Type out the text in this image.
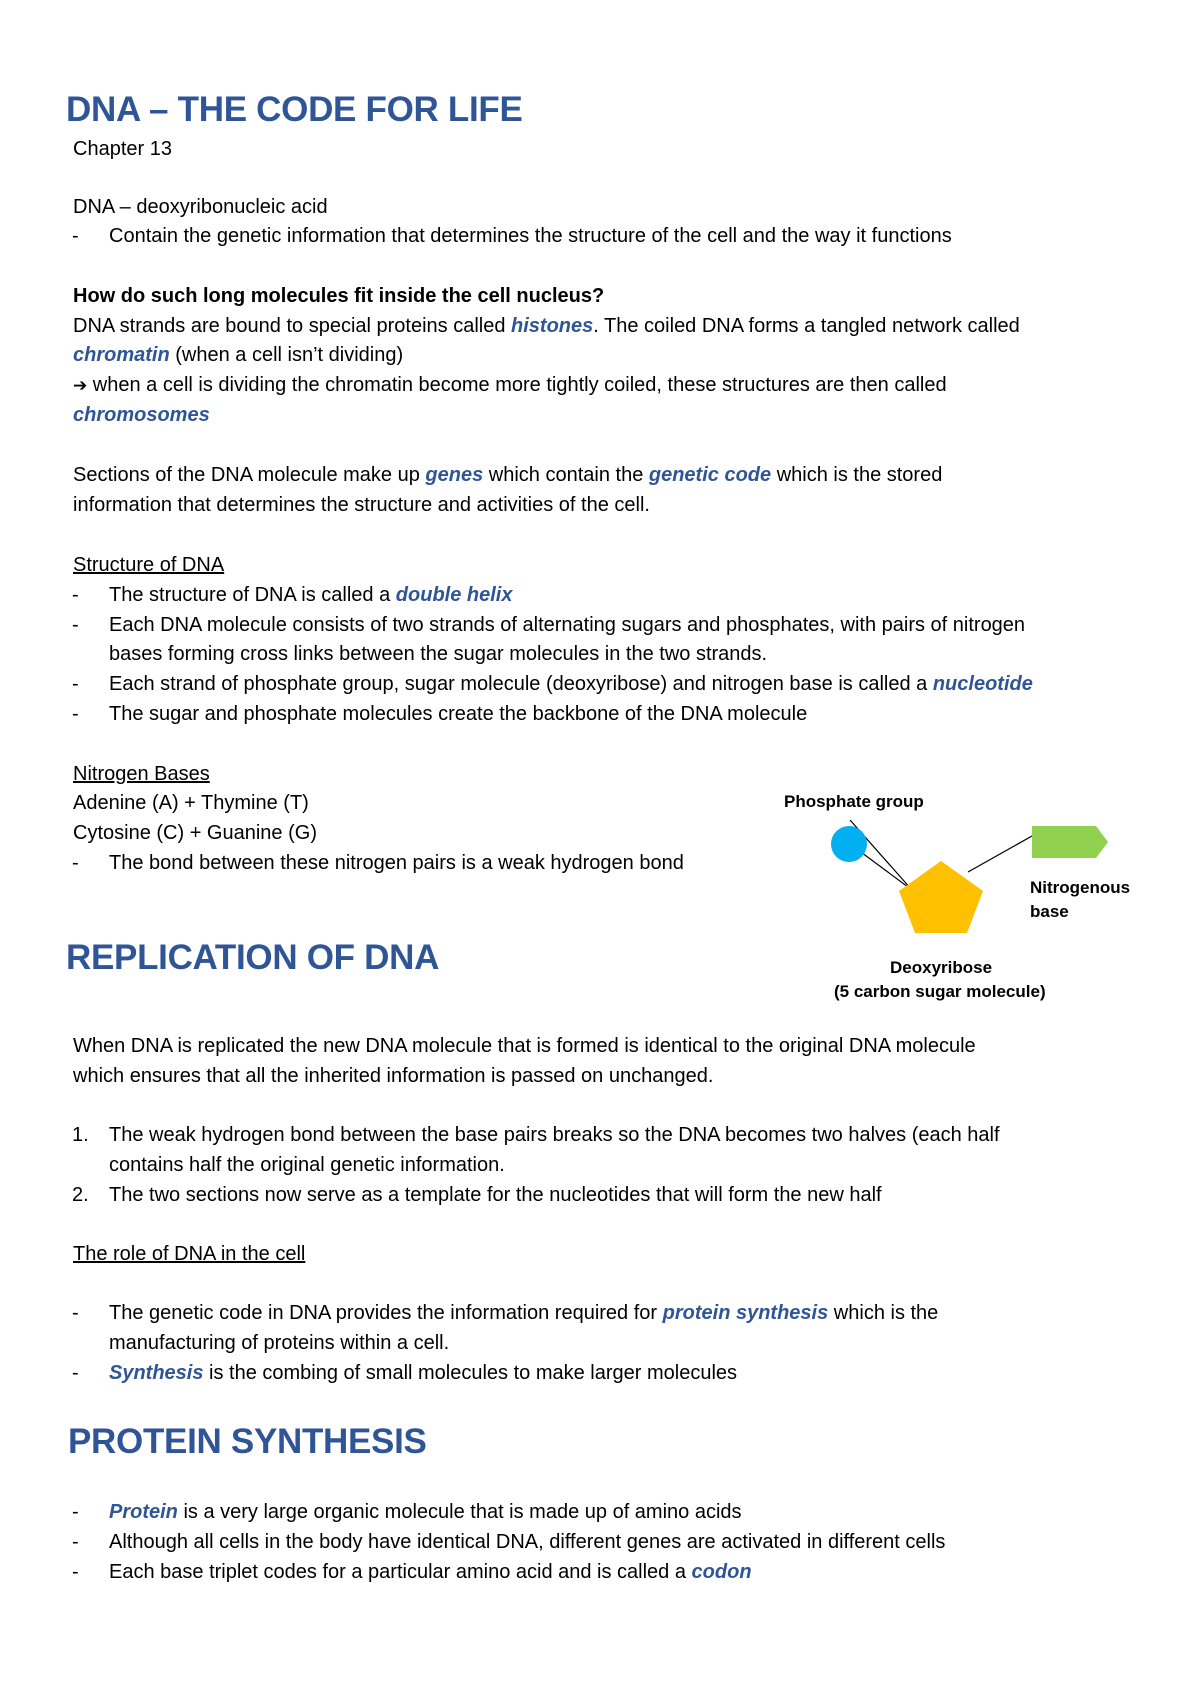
DNA – THE CODE FOR LIFE
Chapter 13
DNA – deoxyribonucleic acid
- Contain the genetic information that determines the structure of the cell and the way it functions
How do such long molecules fit inside the cell nucleus?
DNA strands are bound to special proteins called histones. The coiled DNA forms a tangled network called
chromatin (when a cell isn’t dividing)
➔ when a cell is dividing the chromatin become more tightly coiled, these structures are then called
chromosomes
Sections of the DNA molecule make up genes which contain the genetic code which is the stored
information that determines the structure and activities of the cell.
Structure of DNA
- The structure of DNA is called a double helix
- Each DNA molecule consists of two strands of alternating sugars and phosphates, with pairs of nitrogen
bases forming cross links between the sugar molecules in the two strands.
- Each strand of phosphate group, sugar molecule (deoxyribose) and nitrogen base is called a nucleotide
- The sugar and phosphate molecules create the backbone of the DNA molecule
Nitrogen Bases
Adenine (A) + Thymine (T)
Cytosine (C) + Guanine (G)
- The bond between these nitrogen pairs is a weak hydrogen bond
Phosphate group
Nitrogenous
base
Deoxyribose
(5 carbon sugar molecule)
REPLICATION OF DNA
When DNA is replicated the new DNA molecule that is formed is identical to the original DNA molecule
which ensures that all the inherited information is passed on unchanged.
1. The weak hydrogen bond between the base pairs breaks so the DNA becomes two halves (each half
contains half the original genetic information.
2. The two sections now serve as a template for the nucleotides that will form the new half
The role of DNA in the cell
- The genetic code in DNA provides the information required for protein synthesis which is the
manufacturing of proteins within a cell.
- Synthesis is the combing of small molecules to make larger molecules
PROTEIN SYNTHESIS
- Protein is a very large organic molecule that is made up of amino acids
- Although all cells in the body have identical DNA, different genes are activated in different cells
- Each base triplet codes for a particular amino acid and is called a codon
